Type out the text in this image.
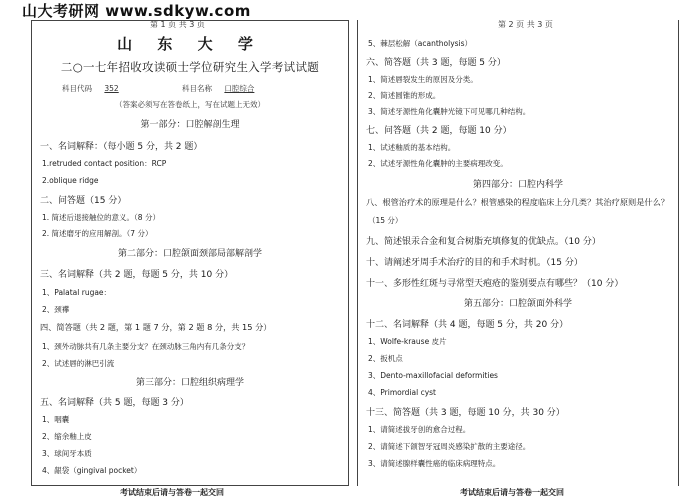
山大考研网 www.sdkyw.com
第 1 页 共 3 页	第 2 页 共 3 页
山 东 大 学
二○一七年招收攻读硕士学位研究生入学考试试题
科目代码 352	科目名称 口腔综合
（答案必须写在答卷纸上，写在试题上无效）
第一部分：口腔解剖生理
一、名词解释：（每小题 5 分，共 2 题）
1.retruded contact position：RCP
2.oblique ridge
二、问答题（15 分）
1. 简述后退接触位的意义。（8 分）
2. 简述磨牙的应用解剖。（7 分）
第二部分：口腔颌面颈部局部解剖学
三、名词解释（共 2 题，每题 5 分，共 10 分）
1、Palatal rugae：
2、颈襻
四、简答题（共 2 题，第 1 题 7 分，第 2 题 8 分，共 15 分）
1、颈外动脉共有几条主要分支？在颈动脉三角内有几条分支？
2、试述唇的淋巴引流
第三部分：口腔组织病理学
五、名词解释（共 5 题，每题 3 分）
1、咽囊
2、缩余釉上皮
3、球间牙本质
4、龈袋（gingival pocket）
5、棘层松解（acantholysis）
六、简答题（共 3 题，每题 5 分）
1、简述唇裂发生的原因及分类。
2、简述圆锥的形成。
3、简述牙源性角化囊肿光镜下可见哪几种结构。
七、问答题（共 2 题，每题 10 分）
1、试述釉质的基本结构。
2、试述牙源性角化囊肿的主要病理改变。
第四部分：口腔内科学
八、根管治疗术的原理是什么？根管感染的程度临床上分几类？其治疗原则是什么？
（15 分）
九、简述银汞合金和复合树脂充填修复的优缺点。（10 分）
十、请阐述牙周手术治疗的目的和手术时机。（15 分）
十一、多形性红斑与寻常型天疱疮的鉴别要点有哪些？（10 分）
第五部分：口腔颌面外科学
十二、名词解释（共 4 题，每题 5 分，共 20 分）
1、Wolfe-krause 皮片
2、扳机点
3、Dento-maxillofacial deformities
4、Primordial cyst
十三、简答题（共 3 题，每题 10 分，共 30 分）
1、请简述拔牙创的愈合过程。
2、请简述下颌智牙冠周炎感染扩散的主要途径。
3、请简述腺样囊性癌的临床病理特点。
考试结束后请与答卷一起交回	考试结束后请与答卷一起交回
